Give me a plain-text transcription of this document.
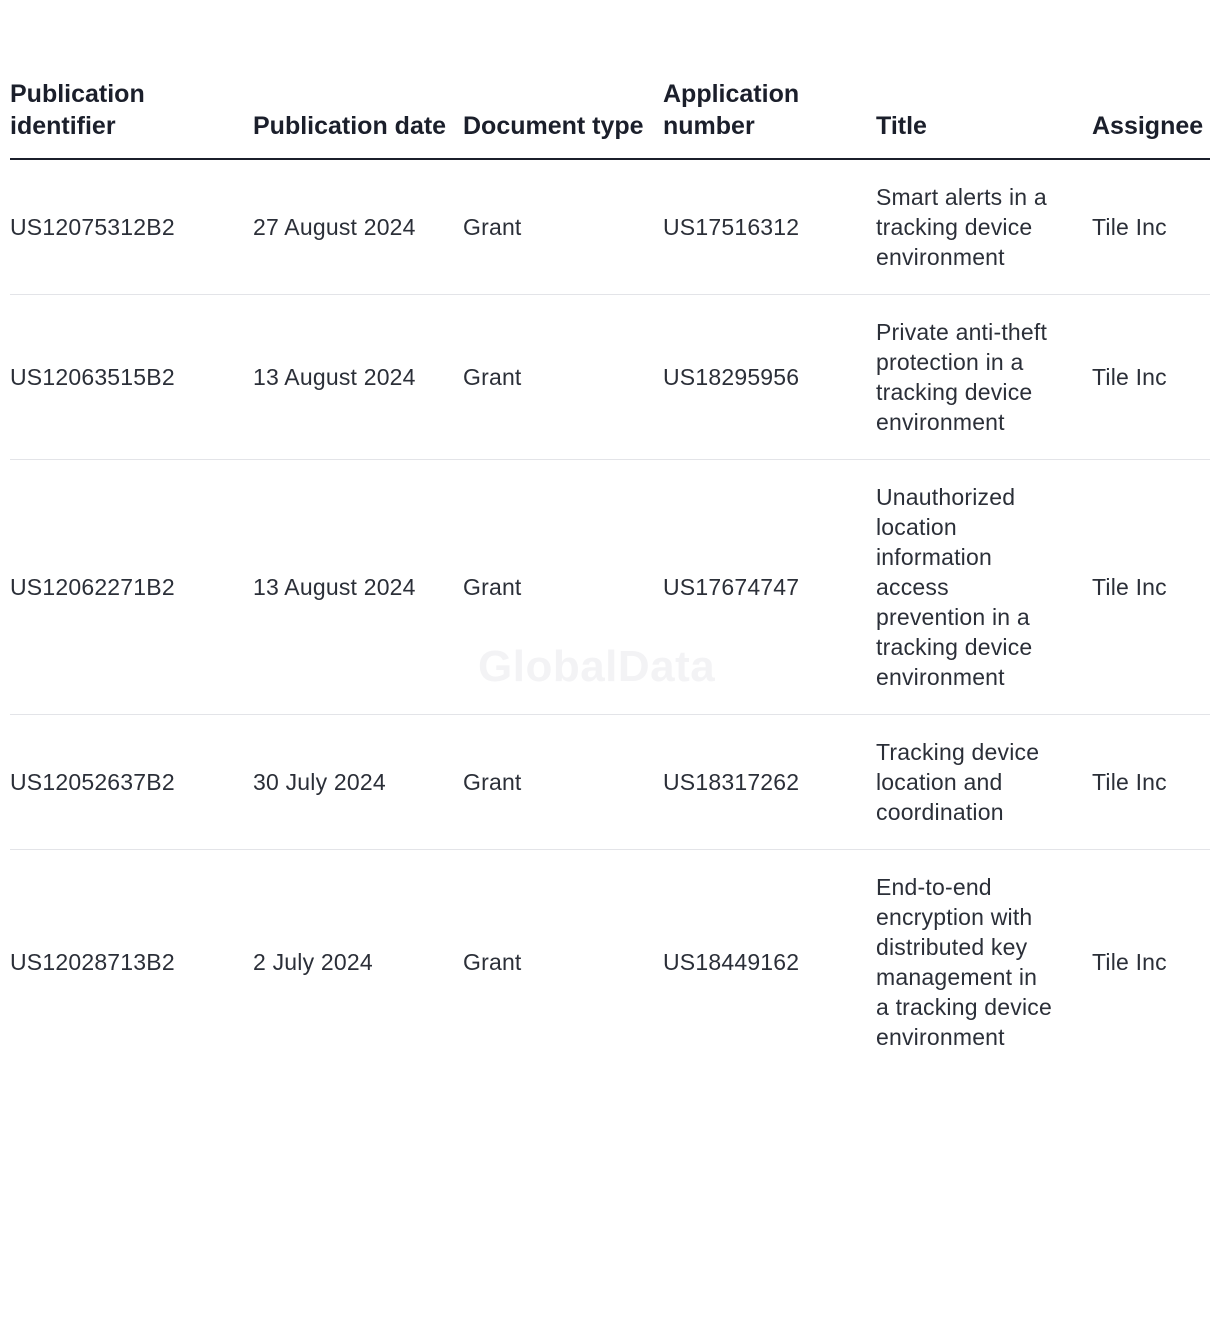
GlobalData
Publication identifier	Publication date	Document type	Application number	Title	Assignee
US12075312B2	27 August 2024	Grant	US17516312	Smart alerts in a tracking device environment	Tile Inc
US12063515B2	13 August 2024	Grant	US18295956	Private anti-theft protection in a tracking device environment	Tile Inc
US12062271B2	13 August 2024	Grant	US17674747	Unauthorized location information access prevention in a tracking device environment	Tile Inc
US12052637B2	30 July 2024	Grant	US18317262	Tracking device location and coordination	Tile Inc
US12028713B2	2 July 2024	Grant	US18449162	End-to-end encryption with distributed key management in a tracking device environment	Tile Inc
